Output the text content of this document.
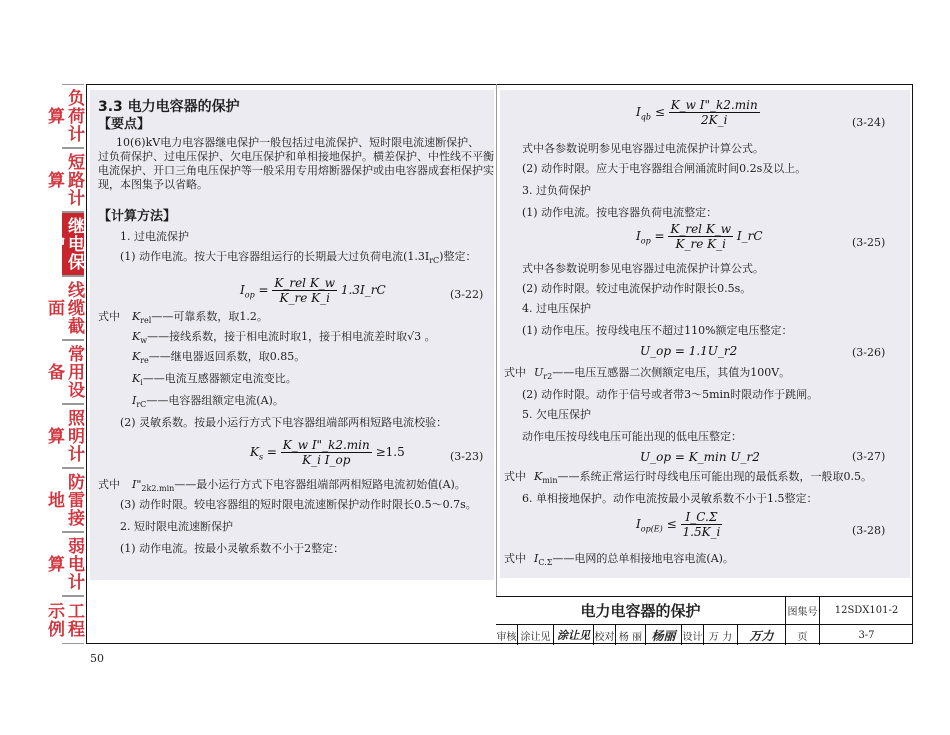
负荷计算
短路计算
继电保护
线缆截面
常用设备
照明计算
防雷接地
弱电计算
工程示例
3.3 电力电容器的保护
【要点】
10(6)kV电力电容器继电保护一般包括过电流保护、短时限电流速断保护、
过负荷保护、过电压保护、欠电压保护和单相接地保护。横差保护、中性线不平衡
电流保护、开口三角电压保护等一般采用专用熔断器保护或由电容器成套柜保护实
现，本图集予以省略。
【计算方法】
1. 过电流保护
(1) 动作电流。按大于电容器组运行的长期最大过负荷电流$(1.3I_{rC})$整定：
$I_{op} = \frac{\text{K\_rel K\_w}}{\text{K\_re K\_i}}$ 1.3I_rC	(3-22)
式中 $K_{rel}——$可靠系数，取1.2。
$K_w——$接线系数，接于相电流时取1，接于相电流差时取√3 。
$K_{re}——$继电器返回系数，取0.85。
$K_i——$电流互感器额定电流变比。
$I_{rC}——$电容器组额定电流(A)。
(2) 灵敏系数。按最小运行方式下电容器组端部两相短路电流校验：
$K_s = \frac{\text{K\_w I"\_k2.min}}{\text{K\_i I\_op}} \ge 1.5$	(3-23)
式中 $I"_{2k2.min}——$最小运行方式下电容器组端部两相短路电流初始值(A)。
(3) 动作时限。较电容器组的短时限电流速断保护动作时限长0.5～0.7s。
2. 短时限电流速断保护
(1) 动作电流。按最小灵敏系数不小于2整定：
$I_{qb} \le \frac{\text{K\_w I"\_k2.min}}{2K\_i}$	(3-24)
式中各参数说明参见电容器过电流保护计算公式。
(2) 动作时限。应大于电容器组合闸涌流时间0.2s及以上。
3. 过负荷保护
(1) 动作电流。按电容器负荷电流整定：
$I_{op} = \frac{\text{K\_rel K\_w}}{\text{K\_re K\_i}}$ I_rC	(3-25)
式中各参数说明参见电容器过电流保护计算公式。
(2) 动作时限。较过电流保护动作时限长0.5s。
4. 过电压保护
(1) 动作电压。按母线电压不超过110%额定电压整定：
U_op = 1.1U_r2	(3-26)
式中 $U_{r2}——$电压互感器二次侧额定电压，其值为100V。
(2) 动作时限。动作于信号或者带3～5min时限动作于跳闸。
5. 欠电压保护
动作电压按母线电压可能出现的低电压整定：
U_op = K_min U_r2	(3-27)
式中 $K_{min}——$系统正常运行时母线电压可能出现的最低系数，一般取0.5。
6. 单相接地保护。动作电流按最小灵敏系数不小于1.5整定：
$I_{op(E)} \le \frac{I\_C.\Sigma}{1.5K\_i}$	(3-28)
式中 $I_{C.\Sigma}——$电网的总单相接地电容电流(A)。
电力电容器的保护	图集号	12SDX101-2
审核 涂让见 涂让见 校对 杨 丽 杨丽 设计 万 力	万力	页	3-7
50
